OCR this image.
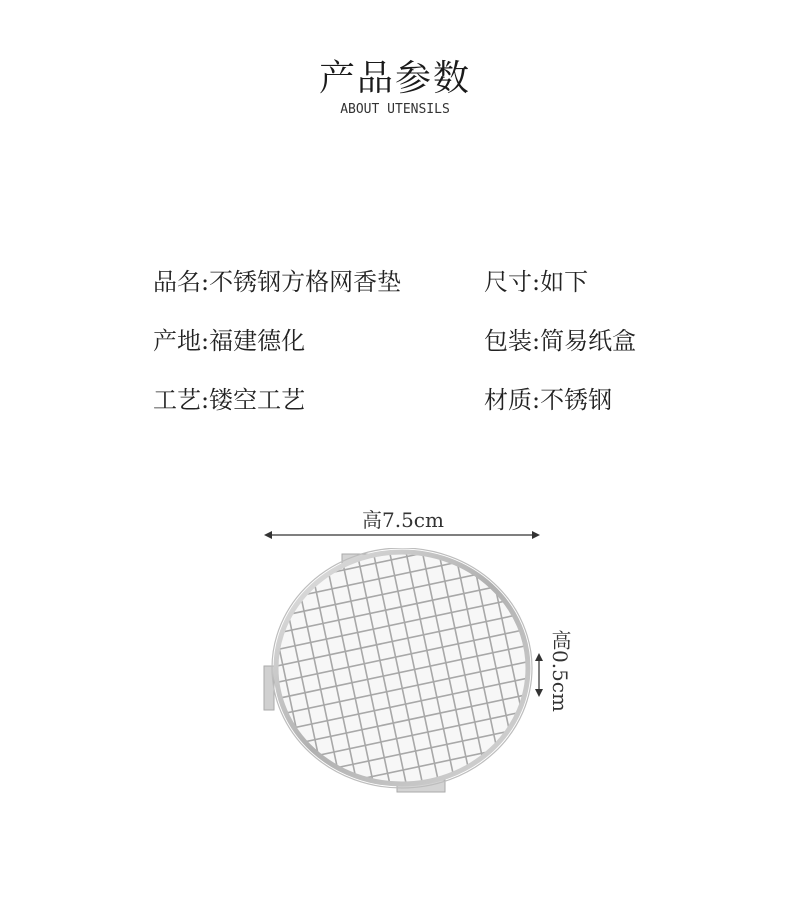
产品参数
ABOUT UTENSILS
品名:不锈钢方格网香垫	尺寸:如下
产地:福建德化	包装:简易纸盒
工艺:镂空工艺	材质:不锈钢
高7.5cm
高0.5cm
